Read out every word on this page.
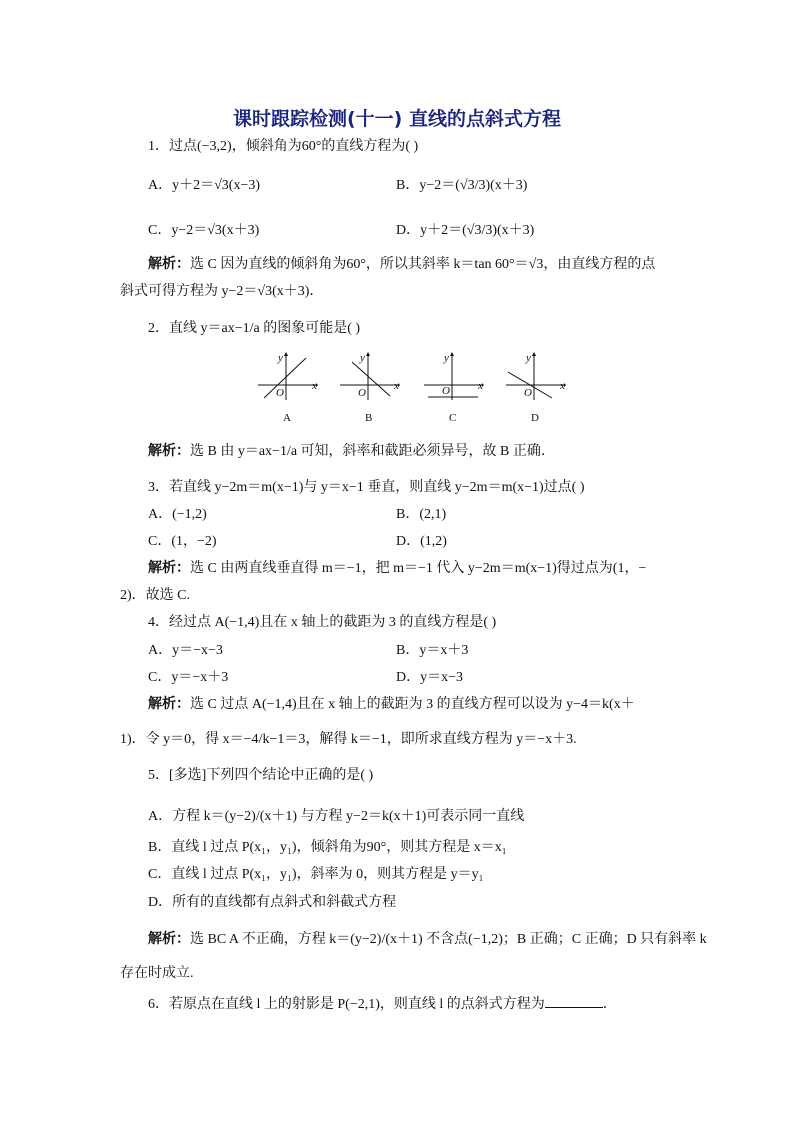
课时跟踪检测(十一) 直线的点斜式方程
1．过点(−3,2)，倾斜角为60°的直线方程为( )
A．y＋2＝√3(x−3)	B．y−2＝(√3/3)(x＋3)
C．y−2＝√3(x＋3)	D．y＋2＝(√3/3)(x＋3)
解析：选 C 因为直线的倾斜角为60°，所以其斜率 k＝tan 60°＝√3，由直线方程的点
斜式可得方程为 y−2＝√3(x＋3)．
2．直线 y＝ax−1/a 的图象可能是( )
y
x
O
y
x
O
y
x
O
y
x
O
A	B	C	D
解析：选 B 由 y＝ax−1/a 可知，斜率和截距必须异号，故 B 正确．
3．若直线 y−2m＝m(x−1)与 y＝x−1 垂直，则直线 y−2m＝m(x−1)过点( )
A．(−1,2)	B．(2,1)
C．(1，−2)	D．(1,2)
解析：选 C 由两直线垂直得 m＝−1，把 m＝−1 代入 y−2m＝m(x−1)得过点为(1，−
2)．故选 C.
4．经过点 A(−1,4)且在 x 轴上的截距为 3 的直线方程是( )
A．y＝−x−3	B．y＝x＋3
C．y＝−x＋3	D．y＝x−3
解析：选 C 过点 A(−1,4)且在 x 轴上的截距为 3 的直线方程可以设为 y−4＝k(x＋
1)．令 y＝0，得 x＝−4/k−1＝3，解得 k＝−1，即所求直线方程为 y＝−x＋3.
5．[多选]下列四个结论中正确的是( )
A．方程 k＝(y−2)/(x＋1) 与方程 y−2＝k(x＋1)可表示同一直线
B．直线 l 过点 P(x₁，y₁)，倾斜角为90°，则其方程是 x＝x₁
C．直线 l 过点 P(x₁，y₁)，斜率为 0，则其方程是 y＝y₁
D．所有的直线都有点斜式和斜截式方程
解析：选 BC A 不正确，方程 k＝(y−2)/(x＋1) 不含点(−1,2)；B 正确；C 正确；D 只有斜率 k
存在时成立.
6．若原点在直线 l 上的射影是 P(−2,1)，则直线 l 的点斜式方程为	．
